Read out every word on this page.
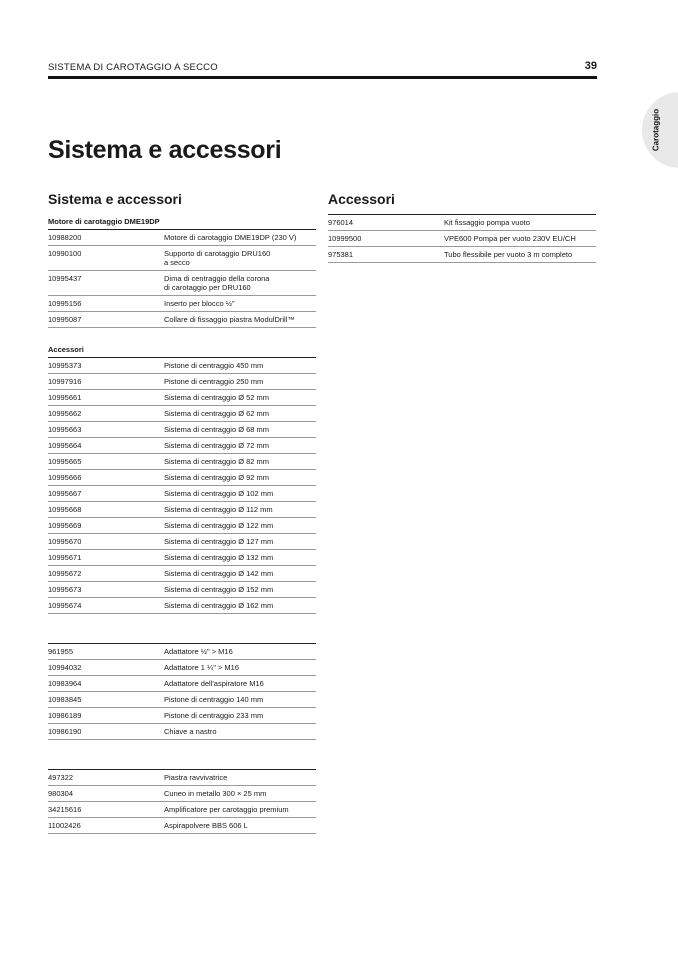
SISTEMA DI CAROTAGGIO A SECCO	39
Carotaggio
Sistema e accessori
Sistema e accessori
Motore di carotaggio DME19DP	
10988200	Motore di carotaggio DME19DP (230 V)
10990100	Supporto di carotaggio DRU160
a secco
10995437	Dima di centraggio della corona
di carotaggio per DRU160
10995156	Inserto per blocco ½"
10995087	Collare di fissaggio piastra ModulDrill™
Accessori	
10995373	Pistone di centraggio 450 mm
10997916	Pistone di centraggio 250 mm
10995661	Sistema di centraggio Ø 52 mm
10995662	Sistema di centraggio Ø 62 mm
10995663	Sistema di centraggio Ø 68 mm
10995664	Sistema di centraggio Ø 72 mm
10995665	Sistema di centraggio Ø 82 mm
10995666	Sistema di centraggio Ø 92 mm
10995667	Sistema di centraggio Ø 102 mm
10995668	Sistema di centraggio Ø 112 mm
10995669	Sistema di centraggio Ø 122 mm
10995670	Sistema di centraggio Ø 127 mm
10995671	Sistema di centraggio Ø 132 mm
10995672	Sistema di centraggio Ø 142 mm
10995673	Sistema di centraggio Ø 152 mm
10995674	Sistema di centraggio Ø 162 mm

961955	Adattatore ½" > M16
10994032	Adattatore 1 ¼" > M16
10983964	Adattatore dell'aspiratore M16
10983845	Pistone di centraggio 140 mm
10986189	Pistone di centraggio 233 mm
10986190	Chiave a nastro

497322	Piastra ravvivatrice
980304	Cuneo in metallo 300 × 25 mm
34215616	Amplificatore per carotaggio premium
11002426	Aspirapolvere BBS 606 L
Accessori
976014	Kit fissaggio pompa vuoto
10999500	VPE600 Pompa per vuoto 230V EU/CH
975381	Tubo flessibile per vuoto 3 m completo
